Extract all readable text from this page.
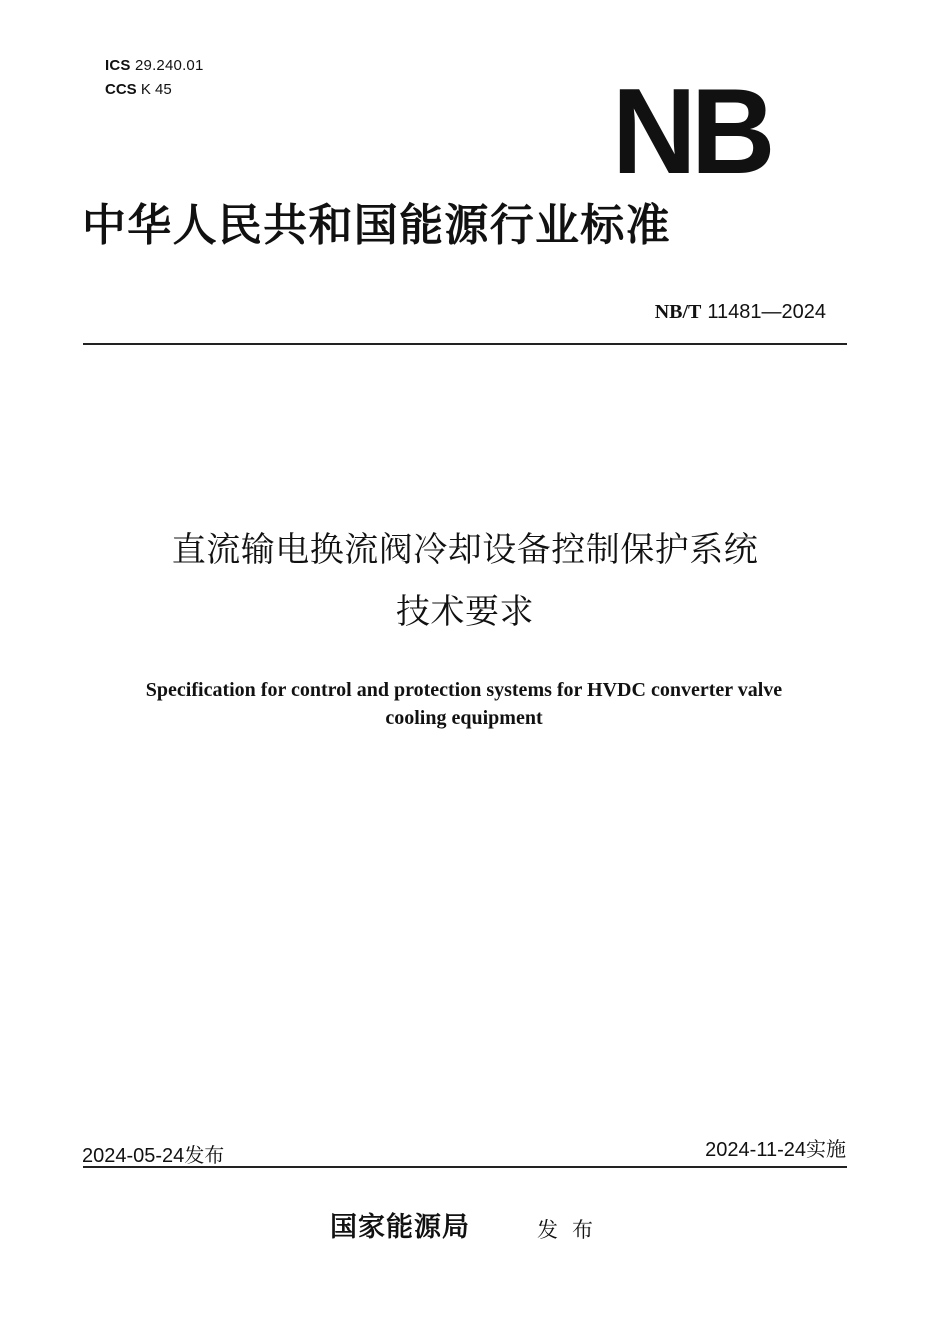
ICS 29.240.01
CCS K 45	NB
中华人民共和国能源行业标准
NB/T 11481—2024
直流输电换流阀冷却设备控制保护系统
技术要求
Specification for control and protection systems for HVDC converter valve
cooling equipment
2024-05-24发布	2024-11-24实施
国家能源局	发布
